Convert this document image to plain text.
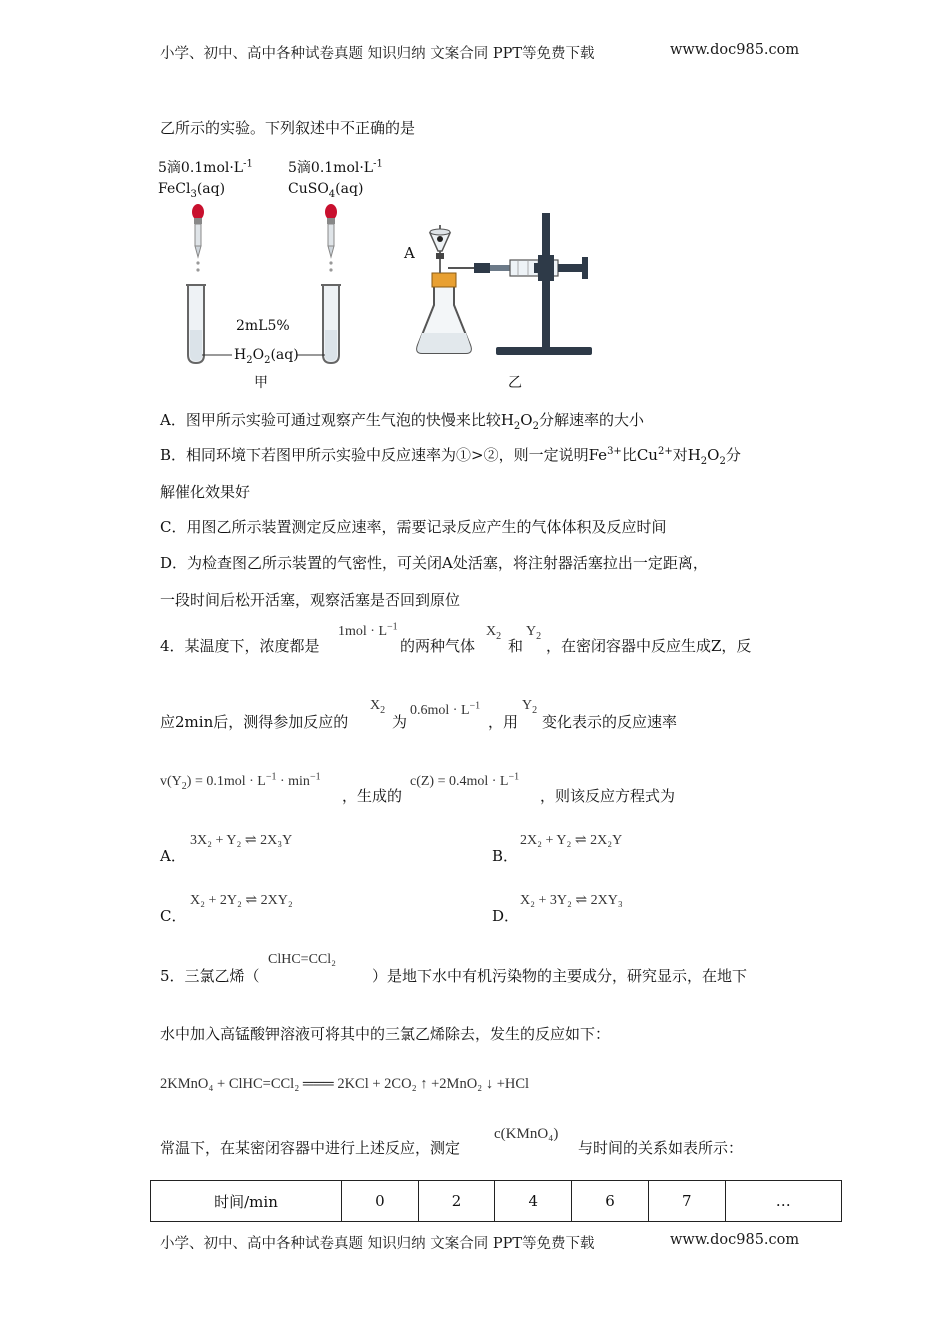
小学、初中、高中各种试卷真题 知识归纳 文案合同 PPT等免费下载	www.doc985.com
乙所示的实验。下列叙述中不正确的是
5滴$0.1mol\cdot L^{-1}$
FeCl$_3$(aq)
5滴$0.1mol\cdot L^{-1}$
CuSO$_4$(aq)
2mL5%
$H_2O_2(aq)$
甲	乙
A
A．图甲所示实验可通过观察产生气泡的快慢来比较$H_2O_2$分解速率的大小
B．相同环境下若图甲所示实验中反应速率为①>②，则一定说明$Fe^{3+}$比$Cu^{2+}$对$H_2O_2$分
解催化效果好
C．用图乙所示装置测定反应速率，需要记录反应产生的气体体积及反应时间
D．为检查图乙所示装置的气密性，可关闭A处活塞，将注射器活塞拉出一定距离，
一段时间后松开活塞，观察活塞是否回到原位
4．某温度下，浓度都是
$1mol \cdot L^{-1}$
的两种气体
$X_2$
和
$Y_2$
，在密闭容器中反应生成Z，反
应2min后，测得参加反应的
$X_2$
为
$0.6mol \cdot L^{-1}$
，用
$Y_2$
变化表示的反应速率
$v(Y_2) = 0.1mol \cdot L^{-1} \cdot \min^{-1}$
，生成的
$c(Z) = 0.4mol \cdot L^{-1}$
，则该反应方程式为
A．
3X₂ + Y₂ ⇌ 2X₃Y
B．
2X₂ + Y₂ ⇌ 2X₂Y
C．
X₂ + 2Y₂ ⇌ 2XY₂
D．
X₂ + 3Y₂ ⇌ 2XY₃
5．三氯乙烯（
ClHC=CCl₂
）是地下水中有机污染物的主要成分，研究显示，在地下
水中加入高锰酸钾溶液可将其中的三氯乙烯除去，发生的反应如下：
2KMnO₄ + ClHC=CCl₂ ═══ 2KCl + 2CO₂ ↑ +2MnO₂ ↓ +HCl
常温下，在某密闭容器中进行上述反应，测定
c(KMnO₄)
与时间的关系如表所示：
时间/min	0	2	4	6	7	…
小学、初中、高中各种试卷真题 知识归纳 文案合同 PPT等免费下载	www.doc985.com
